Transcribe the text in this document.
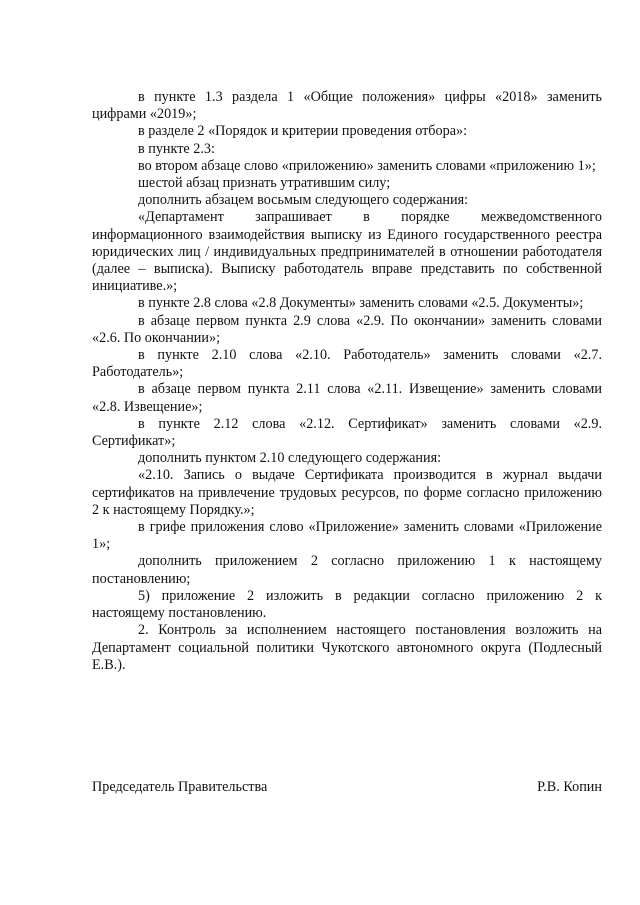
в пункте 1.3 раздела 1 «Общие положения» цифры «2018» заменить цифрами «2019»;

в разделе 2 «Порядок и критерии проведения отбора»:

в пункте 2.3:

во втором абзаце слово «приложению» заменить словами «приложению 1»;

шестой абзац признать утратившим силу;

дополнить абзацем восьмым следующего содержания:

«Департамент запрашивает в порядке межведомственного информационного взаимодействия выписку из Единого государственного реестра юридических лиц / индивидуальных предпринимателей в отношении работодателя (далее – выписка). Выписку работодатель вправе представить по собственной инициативе.»;

в пункте 2.8 слова «2.8 Документы» заменить словами «2.5. Документы»;

в абзаце первом пункта 2.9 слова «2.9. По окончании» заменить словами «2.6. По окончании»;

в пункте 2.10 слова «2.10. Работодатель» заменить словами «2.7. Работодатель»;

в абзаце первом пункта 2.11 слова «2.11. Извещение» заменить словами «2.8. Извещение»;

в пункте 2.12 слова «2.12. Сертификат» заменить словами «2.9. Сертификат»;

дополнить пунктом 2.10 следующего содержания:

«2.10. Запись о выдаче Сертификата производится в журнал выдачи сертификатов на привлечение трудовых ресурсов, по форме согласно приложению 2 к настоящему Порядку.»;

в грифе приложения слово «Приложение» заменить словами «Приложение 1»;

дополнить приложением 2 согласно приложению 1 к настоящему постановлению;

5) приложение 2 изложить в редакции согласно приложению 2 к настоящему постановлению.

2. Контроль за исполнением настоящего постановления возложить на Департамент социальной политики Чукотского автономного округа (Подлесный Е.В.).

Председатель Правительства	Р.В. Копин
